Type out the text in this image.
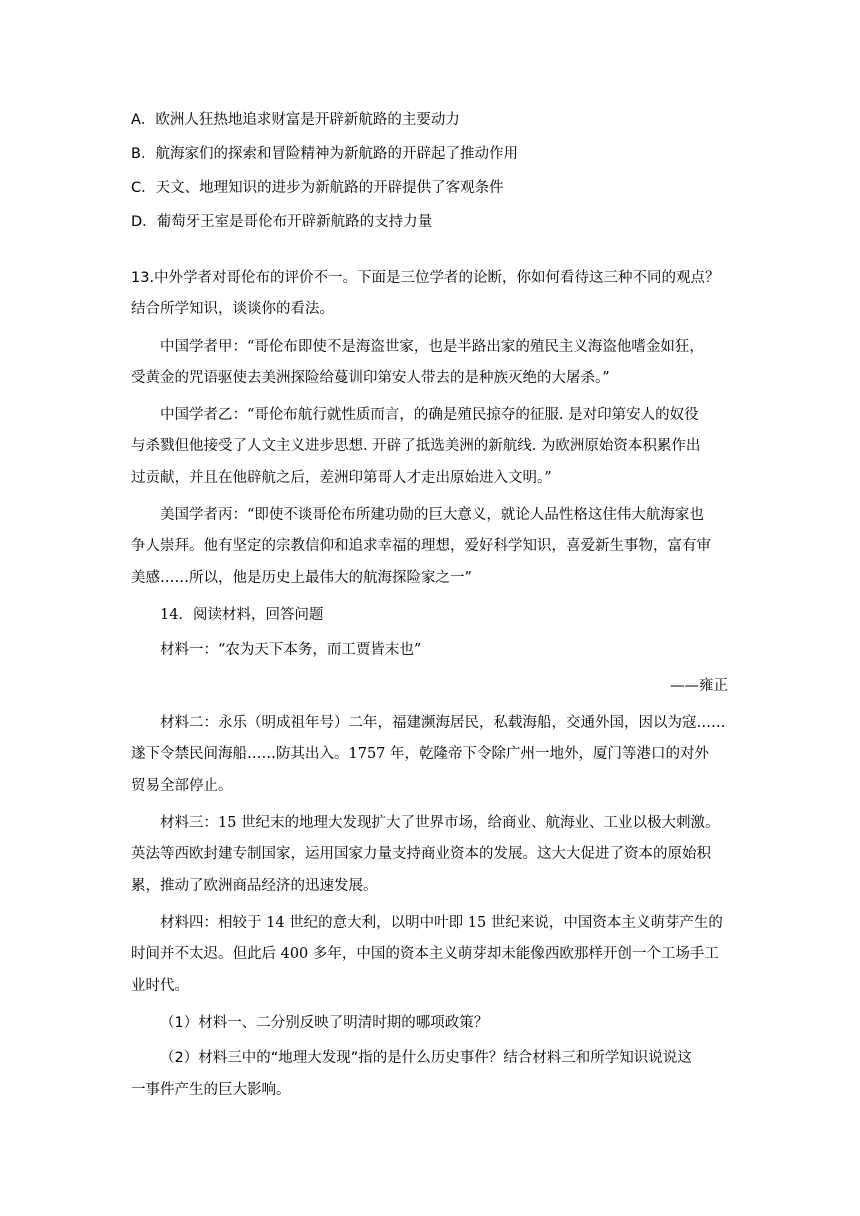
A．欧洲人狂热地追求财富是开辟新航路的主要动力
B．航海家们的探索和冒险精神为新航路的开辟起了推动作用
C．天文、地理知识的进步为新航路的开辟提供了客观条件
D．葡萄牙王室是哥伦布开辟新航路的支持力量
13.中外学者对哥伦布的评价不一。下面是三位学者的论断，你如何看待这三种不同的观点？
结合所学知识，谈谈你的看法。
中国学者甲：“哥伦布即使不是海盗世家，也是半路出家的殖民主义海盗他嗜金如狂，
受黄金的咒语驱使去美洲探险给蔓训印第安人带去的是种族灭绝的大屠杀。”
中国学者乙：“哥伦布航行就性质而言，的确是殖民掠夺的征服. 是对印第安人的奴役
与杀戮但他接受了人文主义进步思想. 开辟了抵选美洲的新航线. 为欧洲原始资本积累作出
过贡献，并且在他辟航之后，差洲印第哥人才走出原始进入文明。”
美国学者丙：“即使不谈哥伦布所建功勋的巨大意义，就论人品性格这住伟大航海家也
争人崇拜。他有坚定的宗教信仰和追求幸福的理想，爱好科学知识，喜爱新生事物，富有审
美感……所以，他是历史上最伟大的航海探险家之一”
14．阅读材料，回答问题
材料一：“农为天下本务，而工贾皆末也”
——雍正
材料二：永乐（明成祖年号）二年，福建濒海居民，私载海船，交通外国，因以为寇……
遂下令禁民间海船……防其出入。1757 年，乾隆帝下令除广州一地外，厦门等港口的对外
贸易全部停止。
材料三：15 世纪末的地理大发现扩大了世界市场，给商业、航海业、工业以极大刺激。
英法等西欧封建专制国家，运用国家力量支持商业资本的发展。这大大促进了资本的原始积
累，推动了欧洲商品经济的迅速发展。
材料四：相较于 14 世纪的意大利，以明中叶即 15 世纪来说，中国资本主义萌芽产生的
时间并不太迟。但此后 400 多年，中国的资本主义萌芽却未能像西欧那样开创一个工场手工
业时代。
（1）材料一、二分别反映了明清时期的哪项政策？
（2）材料三中的“地理大发现”指的是什么历史事件？结合材料三和所学知识说说这
一事件产生的巨大影响。
